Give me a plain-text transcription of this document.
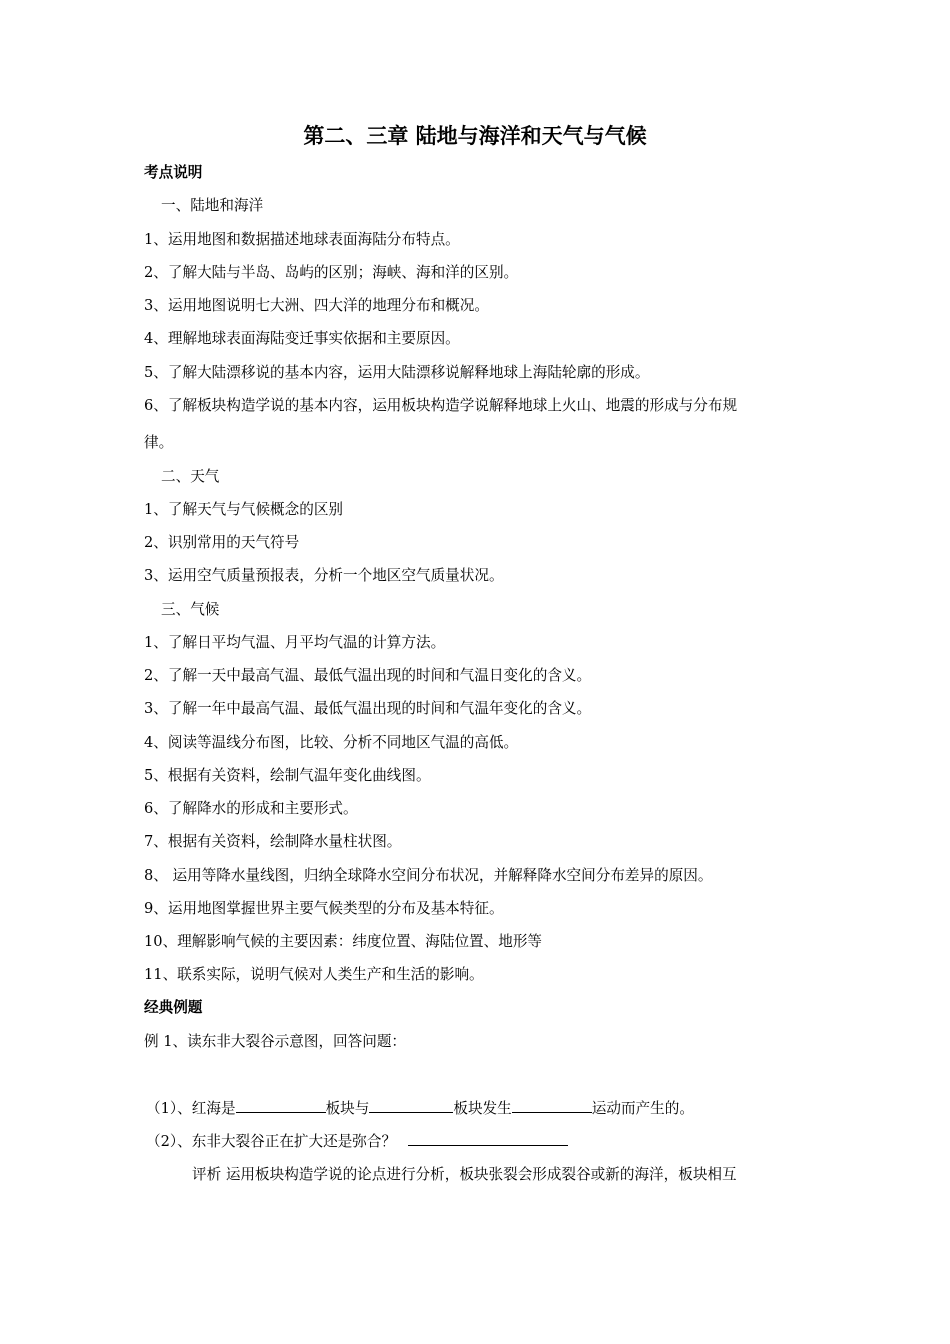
第二、三章 陆地与海洋和天气与气候
考点说明
一、陆地和海洋
1、运用地图和数据描述地球表面海陆分布特点。
2、了解大陆与半岛、岛屿的区别；海峡、海和洋的区别。
3、运用地图说明七大洲、四大洋的地理分布和概况。
4、理解地球表面海陆变迁事实依据和主要原因。
5、了解大陆漂移说的基本内容，运用大陆漂移说解释地球上海陆轮廓的形成。
6、了解板块构造学说的基本内容，运用板块构造学说解释地球上火山、地震的形成与分布规
律。
二、天气
1、了解天气与气候概念的区别
2、识别常用的天气符号
3、运用空气质量预报表，分析一个地区空气质量状况。
三、气候
1、了解日平均气温、月平均气温的计算方法。
2、了解一天中最高气温、最低气温出现的时间和气温日变化的含义。
3、了解一年中最高气温、最低气温出现的时间和气温年变化的含义。
4、阅读等温线分布图，比较、分析不同地区气温的高低。
5、根据有关资料，绘制气温年变化曲线图。
6、了解降水的形成和主要形式。
7、根据有关资料，绘制降水量柱状图。
8、 运用等降水量线图，归纳全球降水空间分布状况，并解释降水空间分布差异的原因。
9、运用地图掌握世界主要气候类型的分布及基本特征。
10、理解影响气候的主要因素：纬度位置、海陆位置、地形等
11、联系实际，说明气候对人类生产和生活的影响。
经典例题
例 1、读东非大裂谷示意图，回答问题：
（1）、红海是	板块与	板块发生	运动而产生的。
（2）、东非大裂谷正在扩大还是弥合？
评析 运用板块构造学说的论点进行分析，板块张裂会形成裂谷或新的海洋，板块相互
